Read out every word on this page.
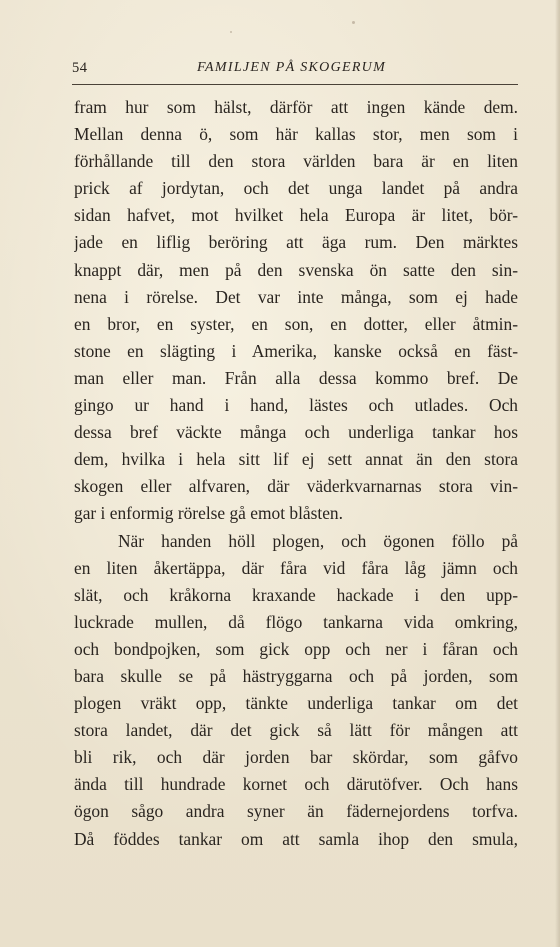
54	FAMILJEN PÅ SKOGERUM
fram hur som hälst, därför att ingen kände dem.
Mellan denna ö, som här kallas stor, men som i
förhållande till den stora världen bara är en liten
prick af jordytan, och det unga landet på andra
sidan hafvet, mot hvilket hela Europa är litet, bör-
jade en liflig beröring att äga rum. Den märktes
knappt där, men på den svenska ön satte den sin-
nena i rörelse. Det var inte många, som ej hade
en bror, en syster, en son, en dotter, eller åtmin-
stone en slägting i Amerika, kanske också en fäst-
man eller man. Från alla dessa kommo bref. De
gingo ur hand i hand, lästes och utlades. Och
dessa bref väckte många och underliga tankar hos
dem, hvilka i hela sitt lif ej sett annat än den stora
skogen eller alfvaren, där väderkvarnarnas stora vin-
gar i enformig rörelse gå emot blåsten.
När handen höll plogen, och ögonen föllo på
en liten åkertäppa, där fåra vid fåra låg jämn och
slät, och kråkorna kraxande hackade i den upp-
luckrade mullen, då flögo tankarna vida omkring,
och bondpojken, som gick opp och ner i fåran och
bara skulle se på hästryggarna och på jorden, som
plogen vräkt opp, tänkte underliga tankar om det
stora landet, där det gick så lätt för mången att
bli rik, och där jorden bar skördar, som gåfvo
ända till hundrade kornet och därutöfver. Och hans
ögon sågo andra syner än fädernejordens torfva.
Då föddes tankar om att samla ihop den smula,
